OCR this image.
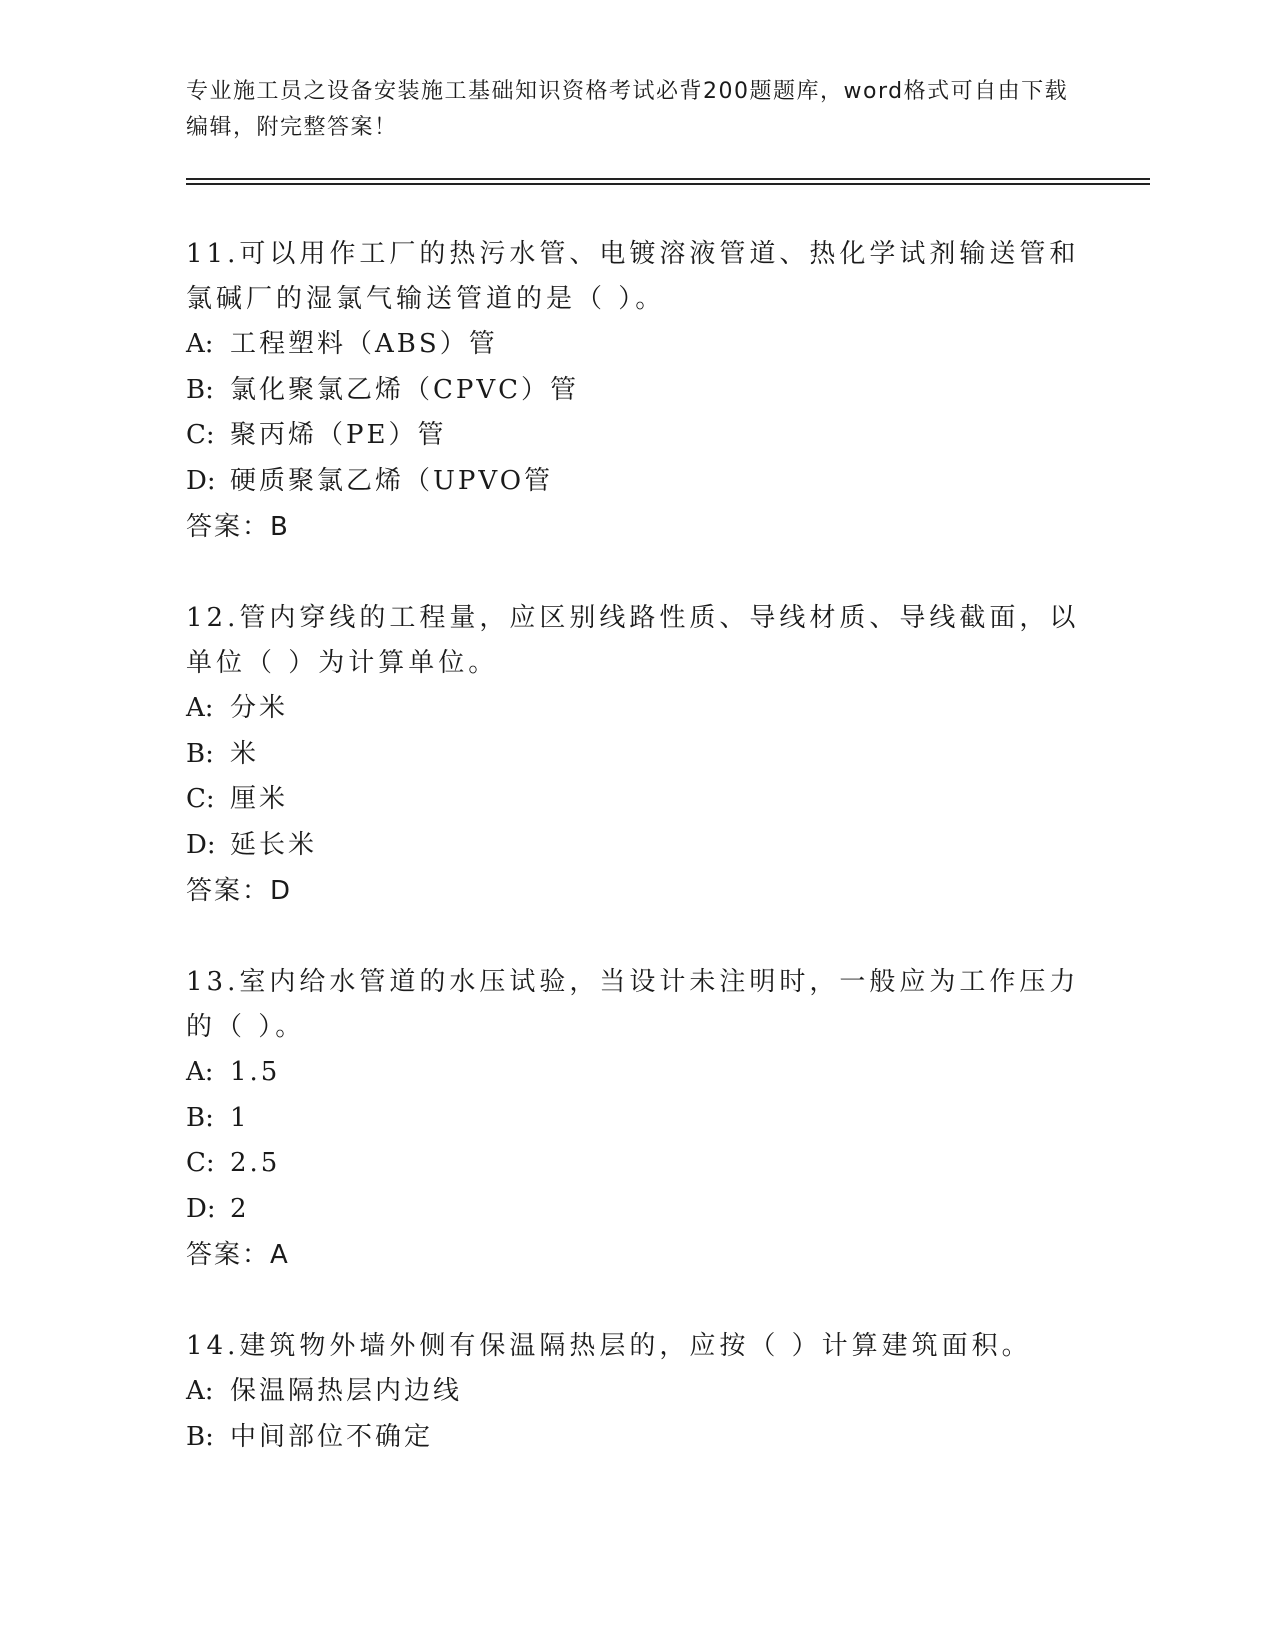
专业施工员之设备安装施工基础知识资格考试必背200题题库，word格式可自由下载编辑，附完整答案！

11.可以用作工厂的热污水管、电镀溶液管道、热化学试剂输送管和氯碱厂的湿氯气输送管道的是（ ）。

A: 工程塑料（ABS）管

B: 氯化聚氯乙烯（CPVC）管

C: 聚丙烯（PE）管

D: 硬质聚氯乙烯（UPVO管

答案：B

12.管内穿线的工程量，应区别线路性质、导线材质、导线截面，以单位（ ）为计算单位。

A: 分米

B: 米

C: 厘米

D: 延长米

答案：D

13.室内给水管道的水压试验，当设计未注明时，一般应为工作压力的（ ）。

A: 1.5

B: 1

C: 2.5

D: 2

答案：A

14.建筑物外墙外侧有保温隔热层的，应按（ ）计算建筑面积。

A: 保温隔热层内边线

B: 中间部位不确定
